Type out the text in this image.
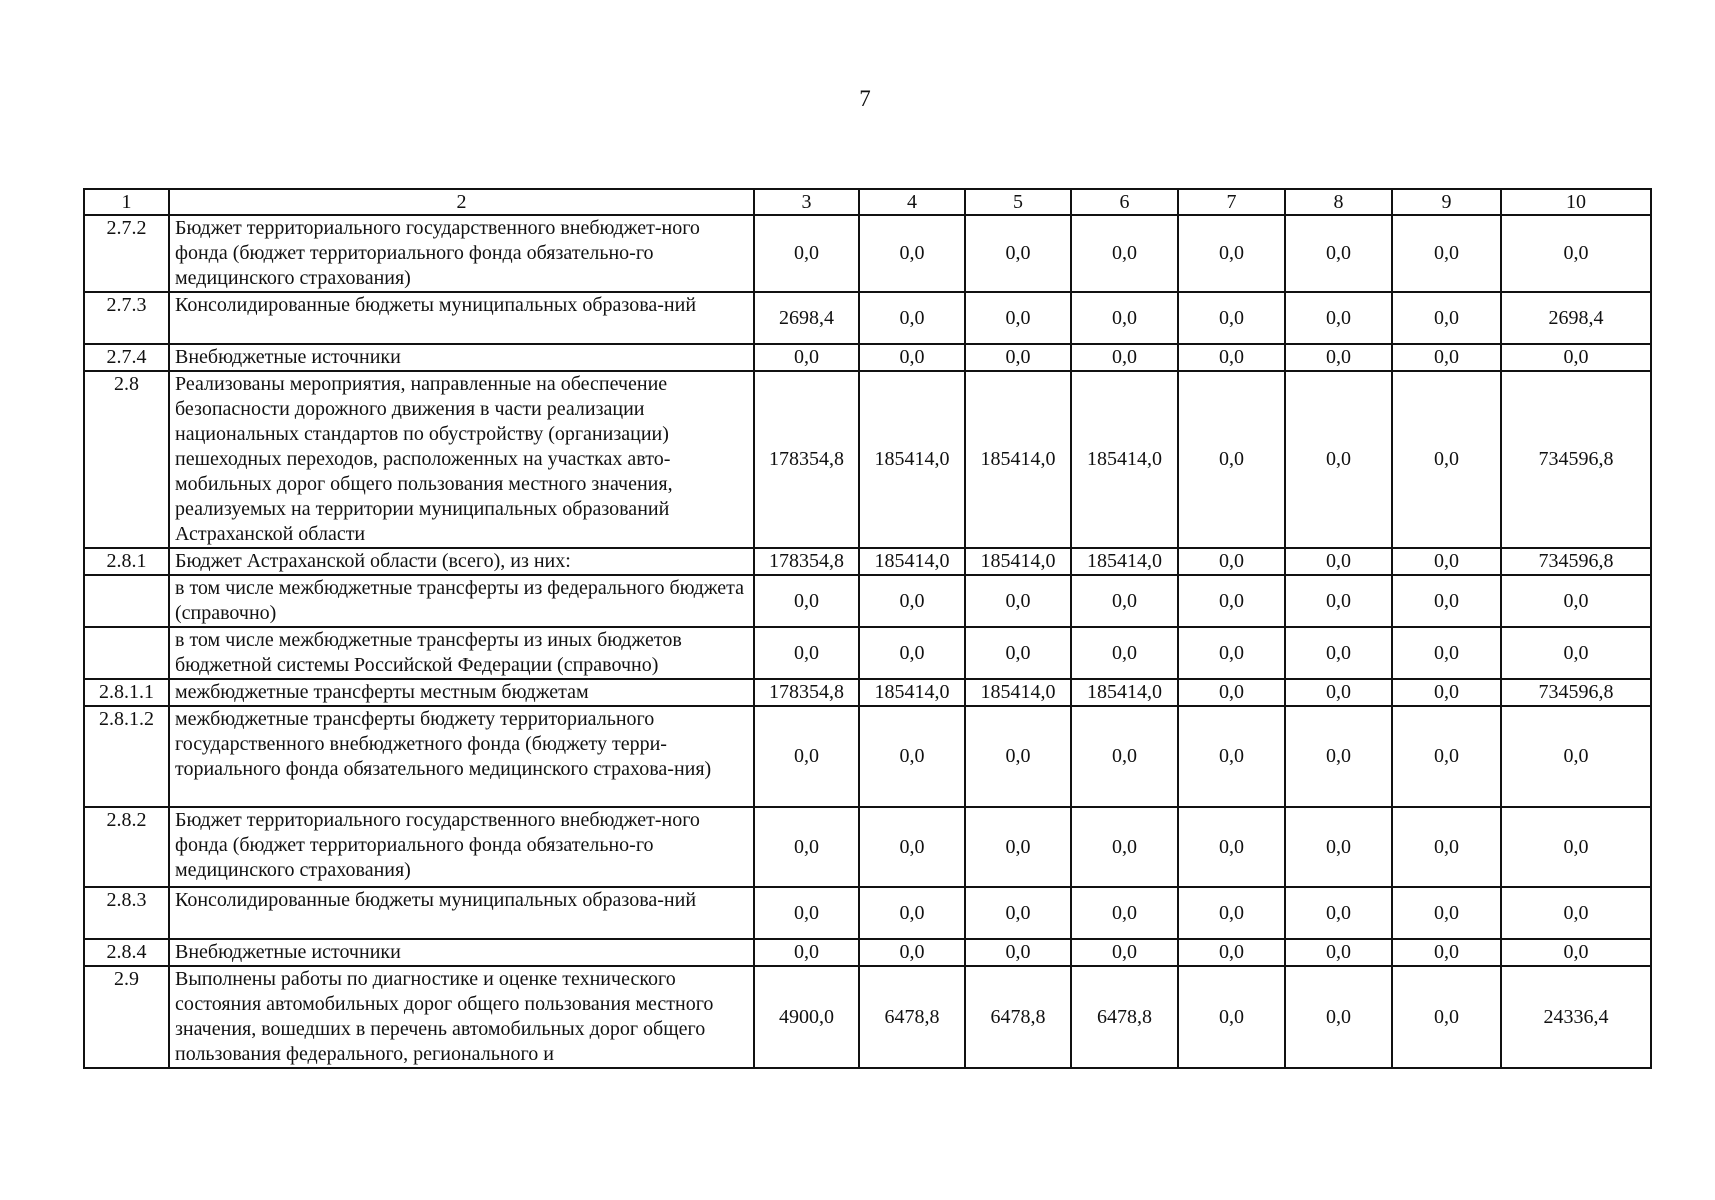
7
1	2	3	4	5	6	7	8	9	10
2.7.2	Бюджет территориального государственного внебюджет-ного фонда (бюджет территориального фонда обязательно-го медицинского страхования)	0,0	0,0	0,0	0,0	0,0	0,0	0,0	0,0
2.7.3	Консолидированные бюджеты муниципальных образова-ний	2698,4	0,0	0,0	0,0	0,0	0,0	0,0	2698,4
2.7.4	Внебюджетные источники	0,0	0,0	0,0	0,0	0,0	0,0	0,0	0,0
2.8	Реализованы мероприятия, направленные на обеспечение безопасности дорожного движения в части реализации национальных стандартов по обустройству (организации) пешеходных переходов, расположенных на участках авто-мобильных дорог общего пользования местного значения, реализуемых на территории муниципальных образований Астраханской области	178354,8	185414,0	185414,0	185414,0	0,0	0,0	0,0	734596,8
2.8.1	Бюджет Астраханской области (всего), из них:	178354,8	185414,0	185414,0	185414,0	0,0	0,0	0,0	734596,8
	в том числе межбюджетные трансферты из федерального бюджета (справочно)	0,0	0,0	0,0	0,0	0,0	0,0	0,0	0,0
	в том числе межбюджетные трансферты из иных бюджетов бюджетной системы Российской Федерации (справочно)	0,0	0,0	0,0	0,0	0,0	0,0	0,0	0,0
2.8.1.1	межбюджетные трансферты местным бюджетам	178354,8	185414,0	185414,0	185414,0	0,0	0,0	0,0	734596,8
2.8.1.2	межбюджетные трансферты бюджету территориального государственного внебюджетного фонда (бюджету терри-ториального фонда обязательного медицинского страхова-ния)	0,0	0,0	0,0	0,0	0,0	0,0	0,0	0,0
2.8.2	Бюджет территориального государственного внебюджет-ного фонда (бюджет территориального фонда обязательно-го медицинского страхования)	0,0	0,0	0,0	0,0	0,0	0,0	0,0	0,0
2.8.3	Консолидированные бюджеты муниципальных образова-ний	0,0	0,0	0,0	0,0	0,0	0,0	0,0	0,0
2.8.4	Внебюджетные источники	0,0	0,0	0,0	0,0	0,0	0,0	0,0	0,0
2.9	Выполнены работы по диагностике и оценке технического состояния автомобильных дорог общего пользования местного значения, вошедших в перечень автомобильных дорог общего пользования федерального, регионального и	4900,0	6478,8	6478,8	6478,8	0,0	0,0	0,0	24336,4
